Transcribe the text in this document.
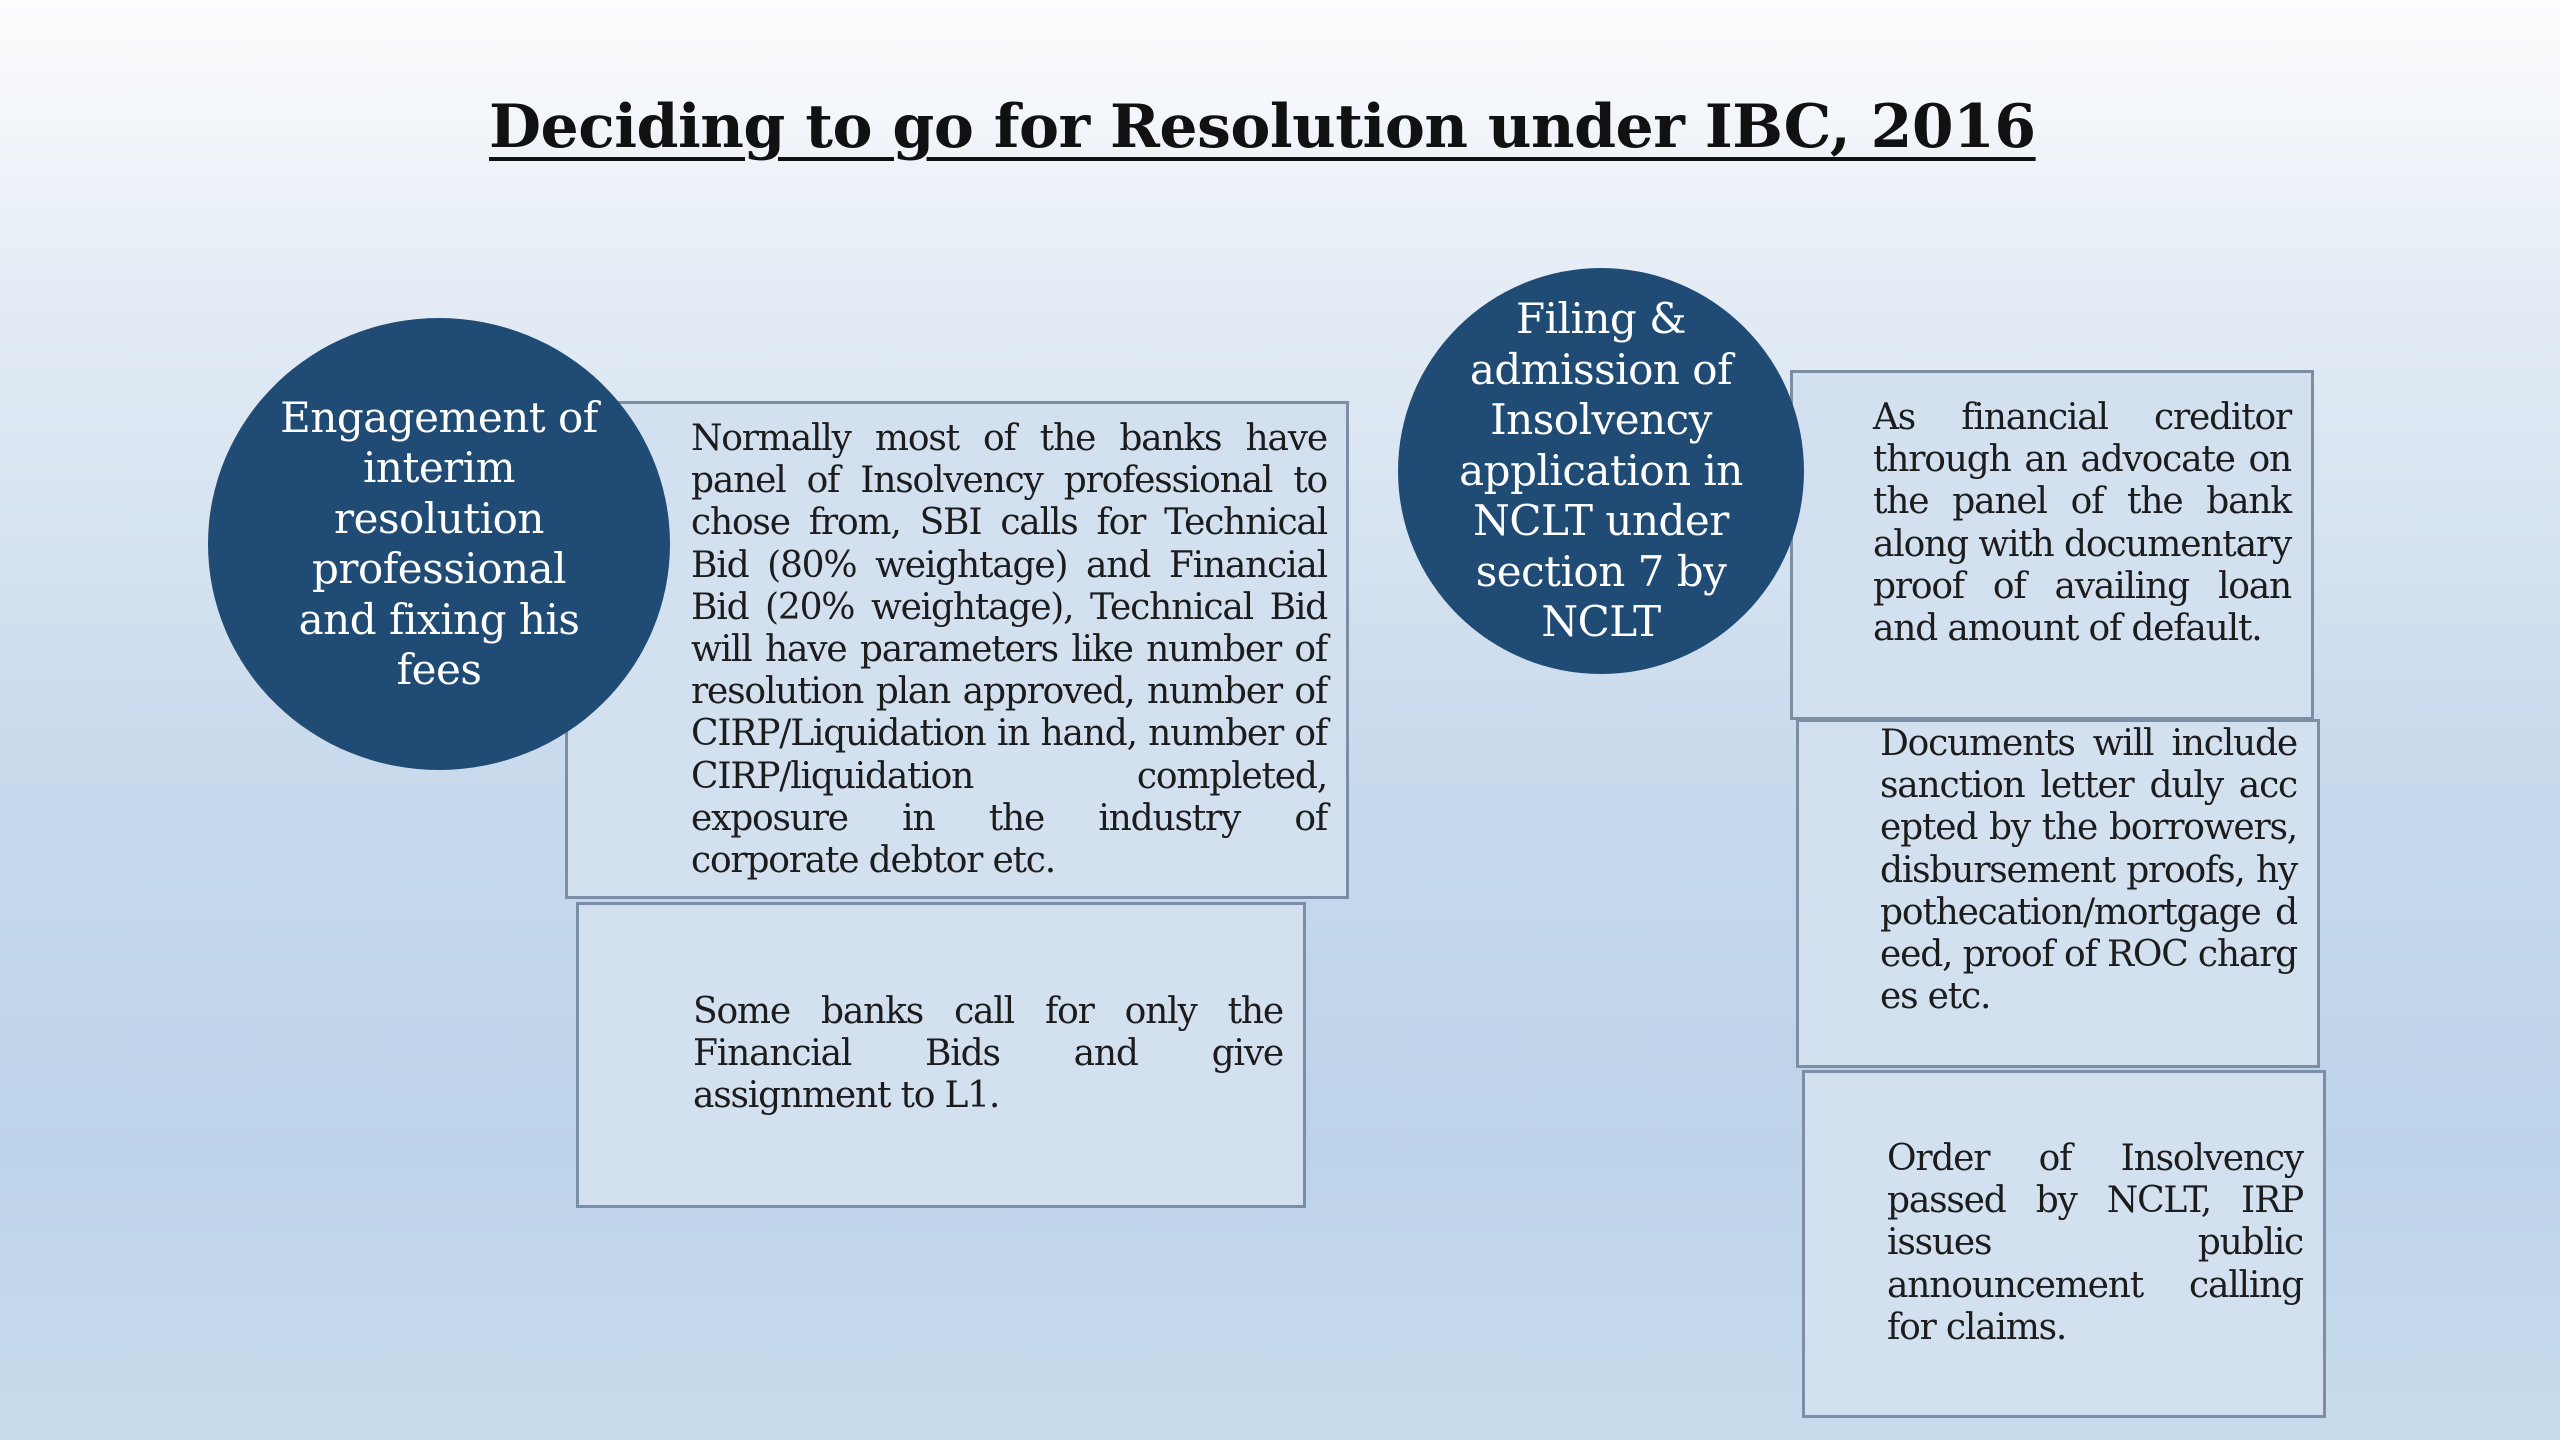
Deciding to go for Resolution under IBC, 2016

Normally most of the banks have panel of Insolvency professional to chose from, SBI calls for Technical Bid (80% weightage) and Financial Bid (20% weightage), Technical Bid will have parameters like number of resolution plan approved, number of CIRP/Liquidation in hand, number of CIRP/liquidation completed, exposure in the industry of corporate debtor etc.

Some banks call for only the Financial Bids and give assignment to L1.

Engagement of interim resolution professional and fixing his fees

As financial creditor through an advocate on the panel of the bank along with documentary proof of availing loan and amount of default.

Documents will include sanction letter duly accepted by the borrowers, disbursement proofs, hypothecation/mortgage deed, proof of ROC charges etc.

Order of Insolvency passed by NCLT, IRP issues public announcement calling for claims.

Filing & admission of Insolvency application in NCLT under section 7 by NCLT
